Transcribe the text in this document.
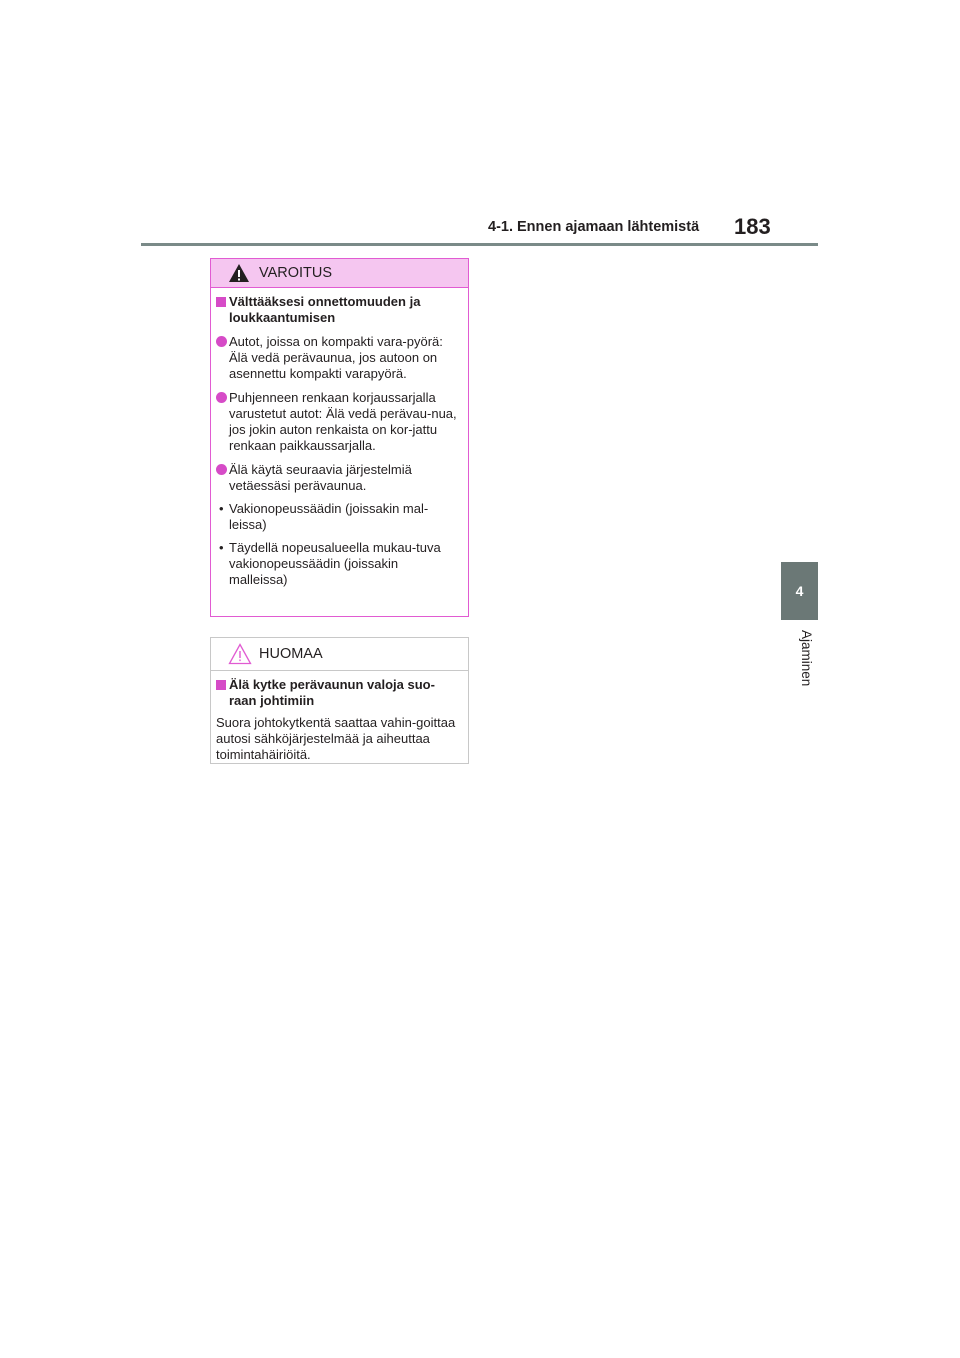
4-1. Ennen ajamaan lähtemistä 183
4
Ajaminen
VAROITUS
Välttääksesi onnettomuuden ja loukkaantumisen
Autot, joissa on kompakti vara-pyörä: Älä vedä perävaunua, jos autoon on asennettu kompakti varapyörä.
Puhjenneen renkaan korjaussarjalla varustetut autot: Älä vedä perävau-nua, jos jokin auton renkaista on kor-jattu renkaan paikkaussarjalla.
Älä käytä seuraavia järjestelmiä vetäessäsi perävaunua.
• Vakionopeussäädin (joissakin mal-leissa)
• Täydellä nopeusalueella mukau-tuva vakionopeussäädin (joissakin malleissa)
HUOMAA
Älä kytke perävaunun valoja suo-raan johtimiin
Suora johtokytkentä saattaa vahin-goittaa autosi sähköjärjestelmää ja aiheuttaa toimintahäiriöitä.
